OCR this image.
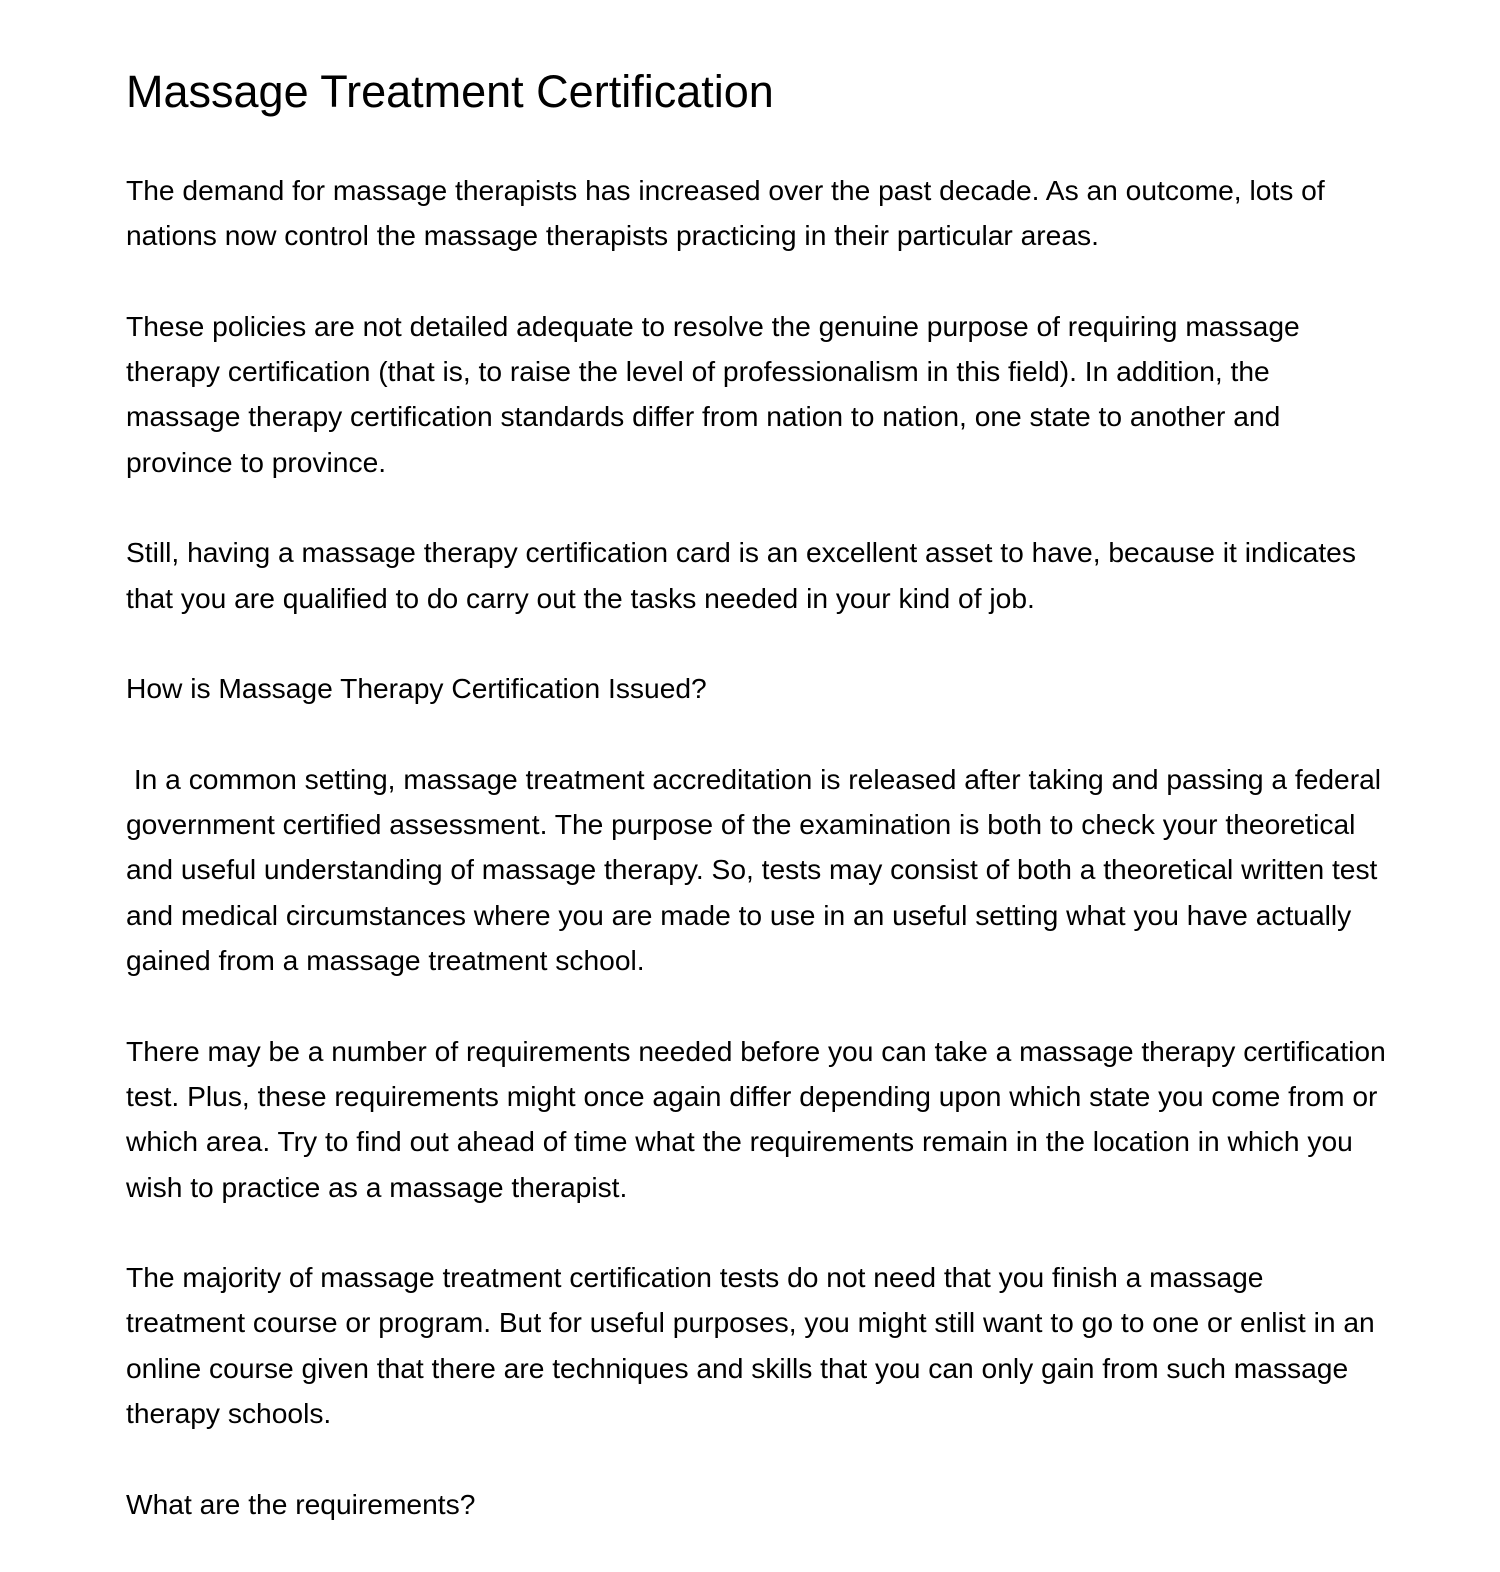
Massage Treatment Certification

The demand for massage therapists has increased over the past decade. As an outcome, lots of nations now control the massage therapists practicing in their particular areas.

These policies are not detailed adequate to resolve the genuine purpose of requiring massage therapy certification (that is, to raise the level of professionalism in this field). In addition, the massage therapy certification standards differ from nation to nation, one state to another and province to province.

Still, having a massage therapy certification card is an excellent asset to have, because it indicates that you are qualified to do carry out the tasks needed in your kind of job.

How is Massage Therapy Certification Issued?

In a common setting, massage treatment accreditation is released after taking and passing a federal government certified assessment. The purpose of the examination is both to check your theoretical and useful understanding of massage therapy. So, tests may consist of both a theoretical written test and medical circumstances where you are made to use in an useful setting what you have actually gained from a massage treatment school.

There may be a number of requirements needed before you can take a massage therapy certification test. Plus, these requirements might once again differ depending upon which state you come from or which area. Try to find out ahead of time what the requirements remain in the location in which you wish to practice as a massage therapist.

The majority of massage treatment certification tests do not need that you finish a massage treatment course or program. But for useful purposes, you might still want to go to one or enlist in an online course given that there are techniques and skills that you can only gain from such massage therapy schools.

What are the requirements?
